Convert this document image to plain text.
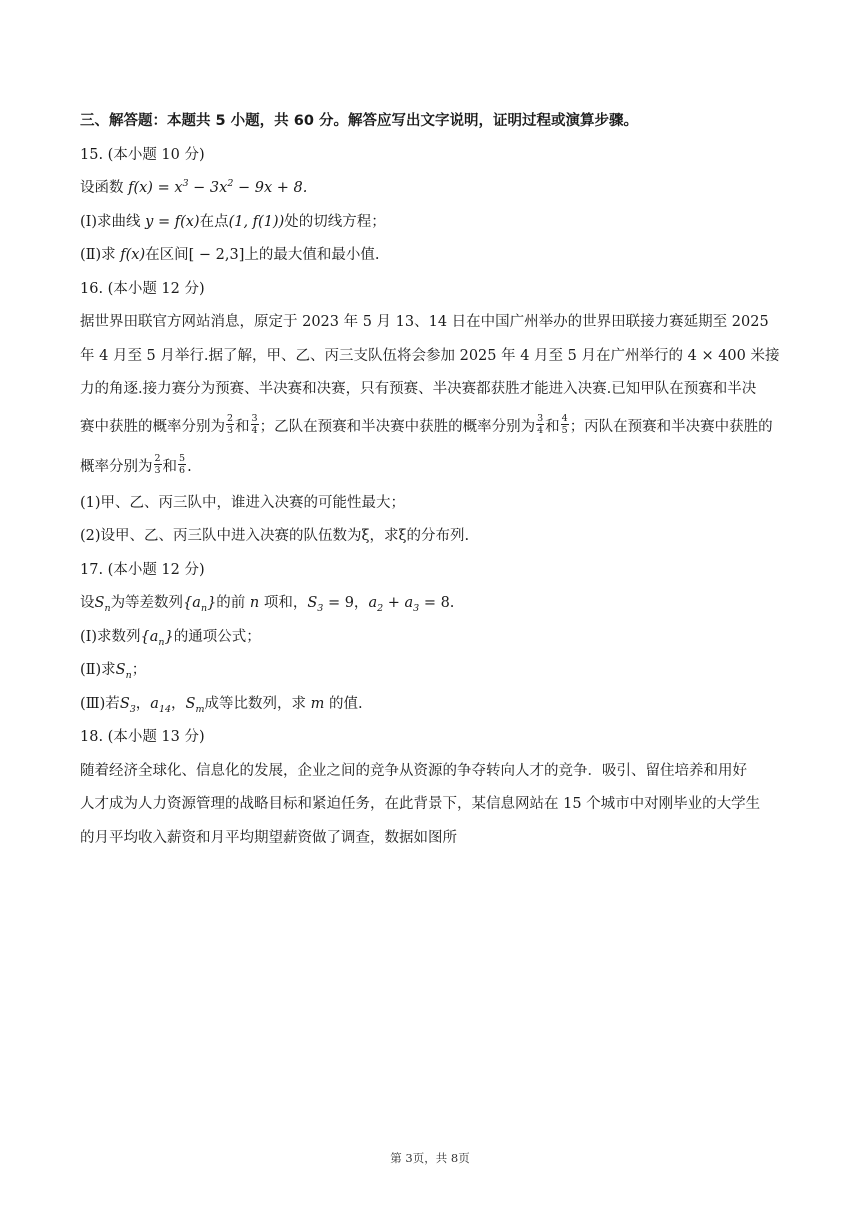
三、解答题：本题共 5 小题，共 60 分。解答应写出文字说明，证明过程或演算步骤。
15. (本小题 10 分)
设函数 $f(x) = x^3 - 3x^2 - 9x + 8$.
(Ⅰ)求曲线 y = f(x)在点(1, f(1))处的切线方程；
(Ⅱ)求 f(x)在区间[ − 2,3]上的最大值和最小值.
16. (本小题 12 分)
据世界田联官方网站消息，原定于 2023 年 5 月 13、14 日在中国广州举办的世界田联接力赛延期至 2025
年 4 月至 5 月举行.据了解，甲、乙、丙三支队伍将会参加 2025 年 4 月至 5 月在广州举行的 4 × 400 米接
力的角逐.接力赛分为预赛、半决赛和决赛，只有预赛、半决赛都获胜才能进入决赛.已知甲队在预赛和半决
赛中获胜的概率分别为 $\frac{2}{3}$ 和 $\frac{3}{4}$ ；乙队在预赛和半决赛中获胜的概率分别为 $\frac{3}{4}$ 和 $\frac{4}{5}$ ；丙队在预赛和半决赛中获胜的
概率分别为 $\frac{2}{3}$ 和 $\frac{5}{6}$ .
(1)甲、乙、丙三队中，谁进入决赛的可能性最大；
(2)设甲、乙、丙三队中进入决赛的队伍数为ξ，求ξ的分布列.
17. (本小题 12 分)
设$S_n$为等差数列$\{a_n\}$的前 n 项和，$S_3 = 9$，$a_2 + a_3 = 8$.
(Ⅰ)求数列$\{a_n\}$的通项公式；
(Ⅱ)求$S_n$；
(Ⅲ)若$S_3$，$a_{14}$，$S_m$成等比数列，求 m 的值.
18. (本小题 13 分)
随着经济全球化、信息化的发展，企业之间的竞争从资源的争夺转向人才的竞争．吸引、留住培养和用好
人才成为人力资源管理的战略目标和紧迫任务，在此背景下，某信息网站在 15 个城市中对刚毕业的大学生
的月平均收入薪资和月平均期望薪资做了调查，数据如图所
第 3页，共 8页
